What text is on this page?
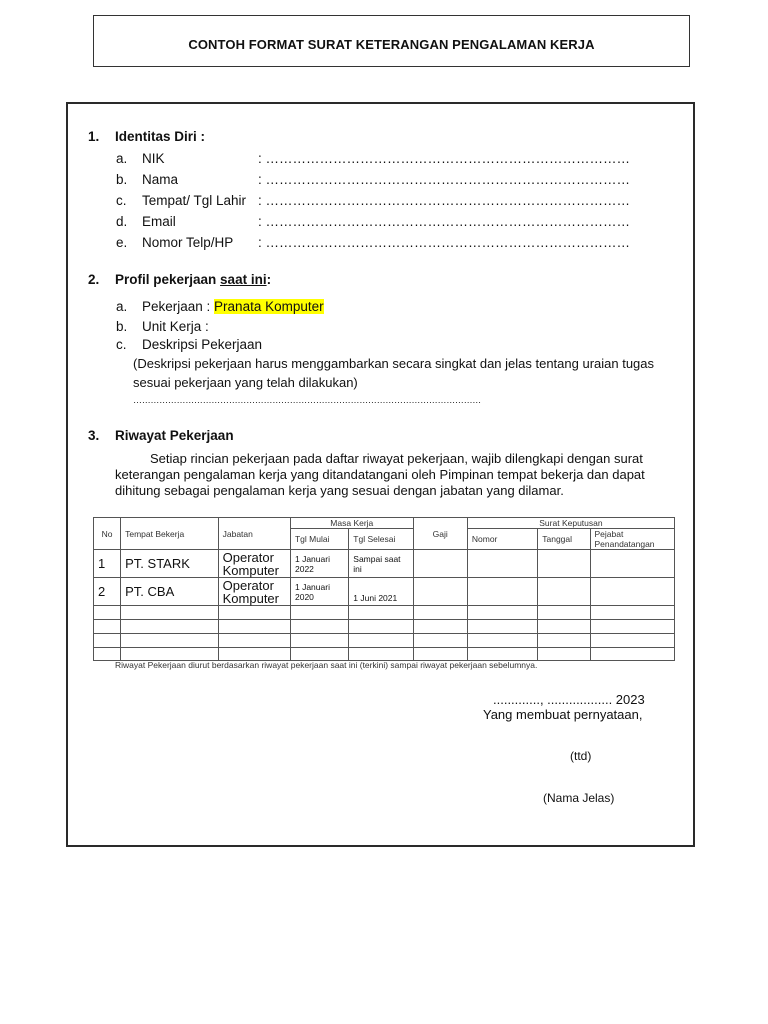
CONTOH FORMAT SURAT KETERANGAN PENGALAMAN KERJA
1. Identitas Diri :
a. NIK	: ………………………………………………………………………
b. Nama	: ………………………………………………………………………
c. Tempat/ Tgl Lahir : ………………………………………………………………………
d. Email	: ………………………………………………………………………
e. Nomor Telp/HP : ………………………………………………………………………
2. Profil pekerjaan saat ini:
a. Pekerjaan : Pranata Komputer
b. Unit Kerja :
c. Deskripsi Pekerjaan
(Deskripsi pekerjaan harus menggambarkan secara singkat dan jelas tentang uraian tugas
sesuai pekerjaan yang telah dilakukan)
…………………………………………………………………………………………………………
3. Riwayat Pekerjaan
Setiap rincian pekerjaan pada daftar riwayat pekerjaan, wajib dilengkapi dengan surat
keterangan pengalaman kerja yang ditandatangani oleh Pimpinan tempat bekerja dan dapat
dihitung sebagai pengalaman kerja yang sesuai dengan jabatan yang dilamar.
No	Tempat Bekerja	Jabatan	Masa Kerja		Gaji	Surat Keputusan		
			Tgl Mulai	Tgl Selesai		Nomor	Tanggal	Pejabat Penandatangan
1	PT. STARK	Operator Komputer	1 Januari 2022	Sampai saat ini				
2	PT. CBA	Operator Komputer	1 Januari 2020	1 Juni 2021				

Riwayat Pekerjaan diurut berdasarkan riwayat pekerjaan saat ini (terkini) sampai riwayat pekerjaan sebelumnya.
............., .................. 2023
Yang membuat pernyataan,
(ttd)
(Nama Jelas)
